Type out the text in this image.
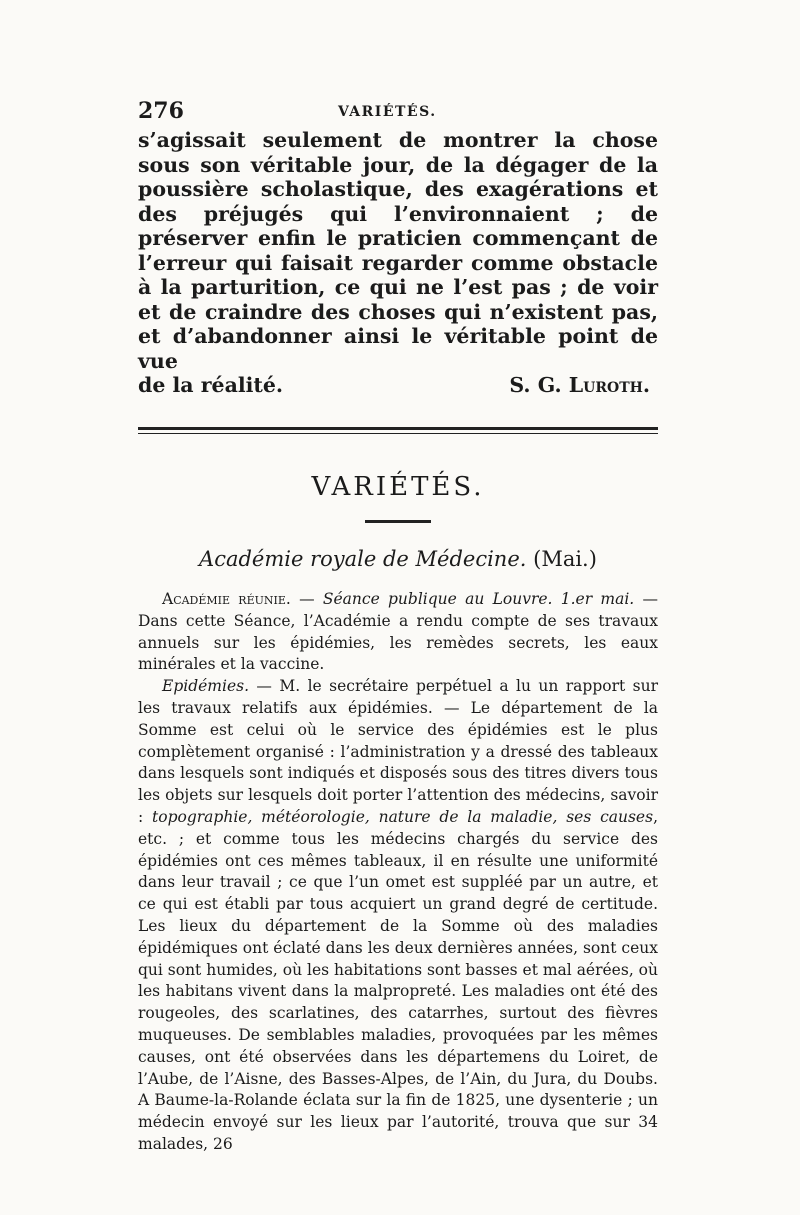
276	VARIÉTÉS.

s’agissait seulement de montrer la chose sous son véritable jour, de la dégager de la poussière scholastique, des exagérations et des préjugés qui l’environnaient ; de préserver enfin le praticien commençant de l’erreur qui faisait regarder comme obstacle à la parturition, ce qui ne l’est pas ; de voir et de craindre des choses qui n’existent pas, et d’abandonner ainsi le véritable point de vue

de la réalité.	S. G. Luroth.
VARIÉTÉS.
Académie royale de Médecine. (Mai.)

Académie réunie. — Séance publique au Louvre. 1.er mai. — Dans cette Séance, l’Académie a rendu compte de ses travaux annuels sur les épidémies, les remèdes secrets, les eaux minérales et la vaccine.

Epidémies. — M. le secrétaire perpétuel a lu un rapport sur les travaux relatifs aux épidémies. — Le département de la Somme est celui où le service des épidémies est le plus complètement organisé : l’administration y a dressé des tableaux dans lesquels sont indiqués et disposés sous des titres divers tous les objets sur lesquels doit porter l’attention des médecins, savoir : topographie, météorologie, nature de la maladie, ses causes, etc. ; et comme tous les médecins chargés du service des épidémies ont ces mêmes tableaux, il en résulte une uniformité dans leur travail ; ce que l’un omet est suppléé par un autre, et ce qui est établi par tous acquiert un grand degré de certitude. Les lieux du département de la Somme où des maladies épidémiques ont éclaté dans les deux dernières années, sont ceux qui sont humides, où les habitations sont basses et mal aérées, où les habitans vivent dans la malpropreté. Les maladies ont été des rougeoles, des scarlatines, des catarrhes, surtout des fièvres muqueuses. De semblables maladies, provoquées par les mêmes causes, ont été observées dans les départemens du Loiret, de l’Aube, de l’Aisne, des Basses-Alpes, de l’Ain, du Jura, du Doubs. A Baume-la-Rolande éclata sur la fin de 1825, une dysenterie ; un médecin envoyé sur les lieux par l’autorité, trouva que sur 34 malades, 26
